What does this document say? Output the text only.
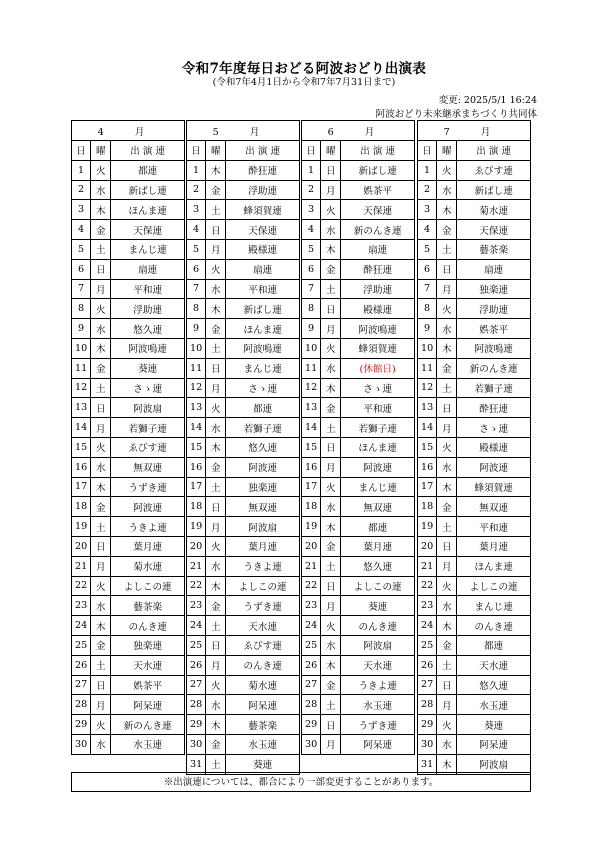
令和7年度毎日おどる阿波おどり出演表
(令和7年4月1日から令和7年7月31日まで)
変更: 2025/5/1 16:24
阿波おどり未来継承まちづくり共同体
4 月		
日	曜	出 演 連
1	火	都連
2	水	新ばし連
3	木	ほんま連
4	金	天保連
5	土	まんじ連
6	日	扇連
7	月	平和連
8	火	浮助連
9	水	悠久連
10	木	阿波鳴連
11	金	葵連
12	土	さゝ連
13	日	阿波扇
14	月	若獅子連
15	火	ゑびす連
16	水	無双連
17	木	うずき連
18	金	阿波連
19	土	うきよ連
20	日	葉月連
21	月	菊水連
22	火	よしこの連
23	水	藝茶楽
24	木	のんき連
25	金	独楽連
26	土	天水連
27	日	娯茶平
28	月	阿呆連
29	火	新のんき連
30	水	水玉連
5 月		
日	曜	出 演 連
1	木	酔狂連
2	金	浮助連
3	土	蜂須賀連
4	日	天保連
5	月	殿様連
6	火	扇連
7	水	平和連
8	木	新ばし連
9	金	ほんま連
10	土	阿波鳴連
11	日	まんじ連
12	月	さゝ連
13	火	都連
14	水	若獅子連
15	木	悠久連
16	金	阿波連
17	土	独楽連
18	日	無双連
19	月	阿波扇
20	火	葉月連
21	水	うきよ連
22	木	よしこの連
23	金	うずき連
24	土	天水連
25	日	ゑびす連
26	月	のんき連
27	火	菊水連
28	水	阿呆連
29	木	藝茶楽
30	金	水玉連
31	土	葵連
6 月		
日	曜	出 演 連
1	日	新ばし連
2	月	娯茶平
3	火	天保連
4	水	新のんき連
5	木	扇連
6	金	酔狂連
7	土	浮助連
8	日	殿様連
9	月	阿波鳴連
10	火	蜂須賀連
11	水	(休館日)
12	木	さゝ連
13	金	平和連
14	土	若獅子連
15	日	ほんま連
16	月	阿波連
17	火	まんじ連
18	水	無双連
19	木	都連
20	金	葉月連
21	土	悠久連
22	日	よしこの連
23	月	葵連
24	火	のんき連
25	水	阿波扇
26	木	天水連
27	金	うきよ連
28	土	水玉連
29	日	うずき連
30	月	阿呆連
7 月		
日	曜	出 演 連
1	火	ゑびす連
2	水	新ばし連
3	木	菊水連
4	金	天保連
5	土	藝茶楽
6	日	扇連
7	月	独楽連
8	火	浮助連
9	水	娯茶平
10	木	阿波鳴連
11	金	新のんき連
12	土	若獅子連
13	日	酔狂連
14	月	さゝ連
15	火	殿様連
16	水	阿波連
17	木	蜂須賀連
18	金	無双連
19	土	平和連
20	日	葉月連
21	月	ほんま連
22	火	よしこの連
23	水	まんじ連
24	木	のんき連
25	金	都連
26	土	天水連
27	日	悠久連
28	月	水玉連
29	火	葵連
30	水	阿呆連
31	木	阿波扇
※出演連については、都合により一部変更することがあります。
